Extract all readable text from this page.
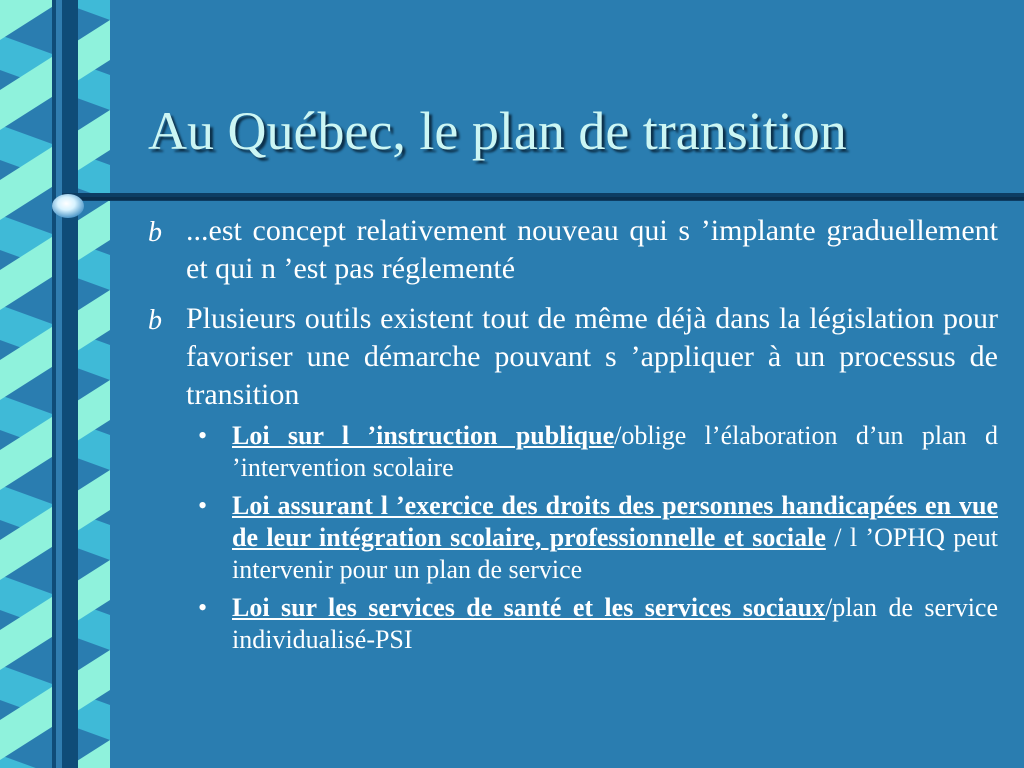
Au Québec, le plan de transition
b ...est concept relativement nouveau qui s ’implante graduellement et qui n ’est pas réglementé
b Plusieurs outils existent tout de même déjà dans la législation pour favoriser une démarche pouvant s ’appliquer à un processus de transition
• Loi sur l ’instruction publique/oblige l’élaboration d’un plan d ’intervention scolaire
• Loi assurant l ’exercice des droits des personnes handicapées en vue de leur intégration scolaire, professionnelle et sociale / l ’OPHQ peut intervenir pour un plan de service
• Loi sur les services de santé et les services sociaux/plan de service individualisé-PSI
